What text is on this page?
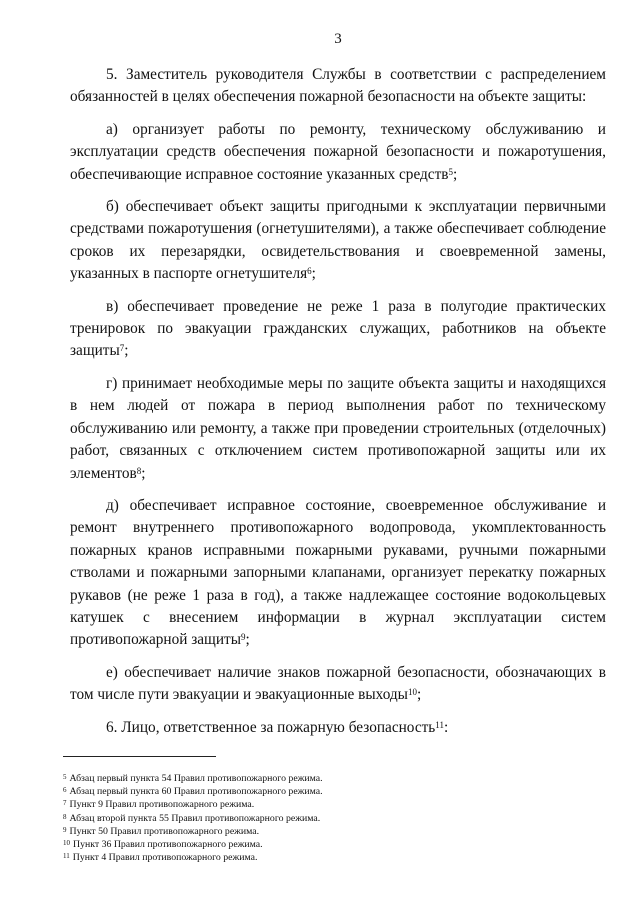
3

5. Заместитель руководителя Службы в соответствии с распределением обязанностей в целях обеспечения пожарной безопасности на объекте защиты:

а) организует работы по ремонту, техническому обслуживанию и эксплуатации средств обеспечения пожарной безопасности и пожаротушения, обеспечивающие исправное состояние указанных средств$^5$;

б) обеспечивает объект защиты пригодными к эксплуатации первичными средствами пожаротушения (огнетушителями), а также обеспечивает соблюдение сроков их перезарядки, освидетельствования и своевременной замены, указанных в паспорте огнетушителя$^6$;

в) обеспечивает проведение не реже 1 раза в полугодие практических тренировок по эвакуации гражданских служащих, работников на объекте защиты$^7$;

г) принимает необходимые меры по защите объекта защиты и находящихся в нем людей от пожара в период выполнения работ по техническому обслуживанию или ремонту, а также при проведении строительных (отделочных) работ, связанных с отключением систем противопожарной защиты или их элементов$^8$;

д) обеспечивает исправное состояние, своевременное обслуживание и ремонт внутреннего противопожарного водопровода, укомплектованность пожарных кранов исправными пожарными рукавами, ручными пожарными стволами и пожарными запорными клапанами, организует перекатку пожарных рукавов (не реже 1 раза в год), а также надлежащее состояние водокольцевых катушек с внесением информации в журнал эксплуатации систем противопожарной защиты$^9$;

е) обеспечивает наличие знаков пожарной безопасности, обозначающих в том числе пути эвакуации и эвакуационные выходы$^{10}$;

6. Лицо, ответственное за пожарную безопасность$^{11}$:

$^5$ Абзац первый пункта 54 Правил противопожарного режима.
$^6$ Абзац первый пункта 60 Правил противопожарного режима.
$^7$ Пункт 9 Правил противопожарного режима.
$^8$ Абзац второй пункта 55 Правил противопожарного режима.
$^9$ Пункт 50 Правил противопожарного режима.
$^{10}$ Пункт 36 Правил противопожарного режима.
$^{11}$ Пункт 4 Правил противопожарного режима.
